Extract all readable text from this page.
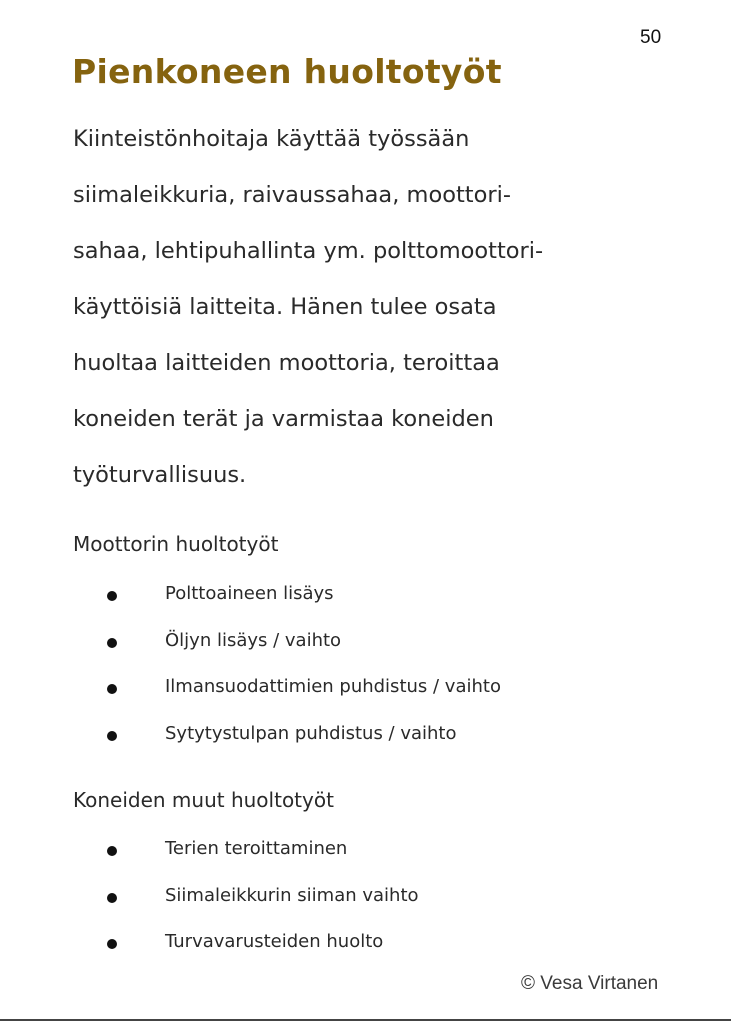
50
Pienkoneen huoltotyöt

Kiinteistönhoitaja käyttää työssään
siimaleikkuria, raivaussahaa, moottori-
sahaa, lehtipuhallinta ym. polttomoottori-
käyttöisiä laitteita. Hänen tulee osata
huoltaa laitteiden moottoria, teroittaa
koneiden terät ja varmistaa koneiden
työturvallisuus.

Moottorin huoltotyöt
Polttoaineen lisäys
Öljyn lisäys / vaihto
Ilmansuodattimien puhdistus / vaihto
Sytytystulpan puhdistus / vaihto
Koneiden muut huoltotyöt
Terien teroittaminen
Siimaleikkurin siiman vaihto
Turvavarusteiden huolto
© Vesa Virtanen
